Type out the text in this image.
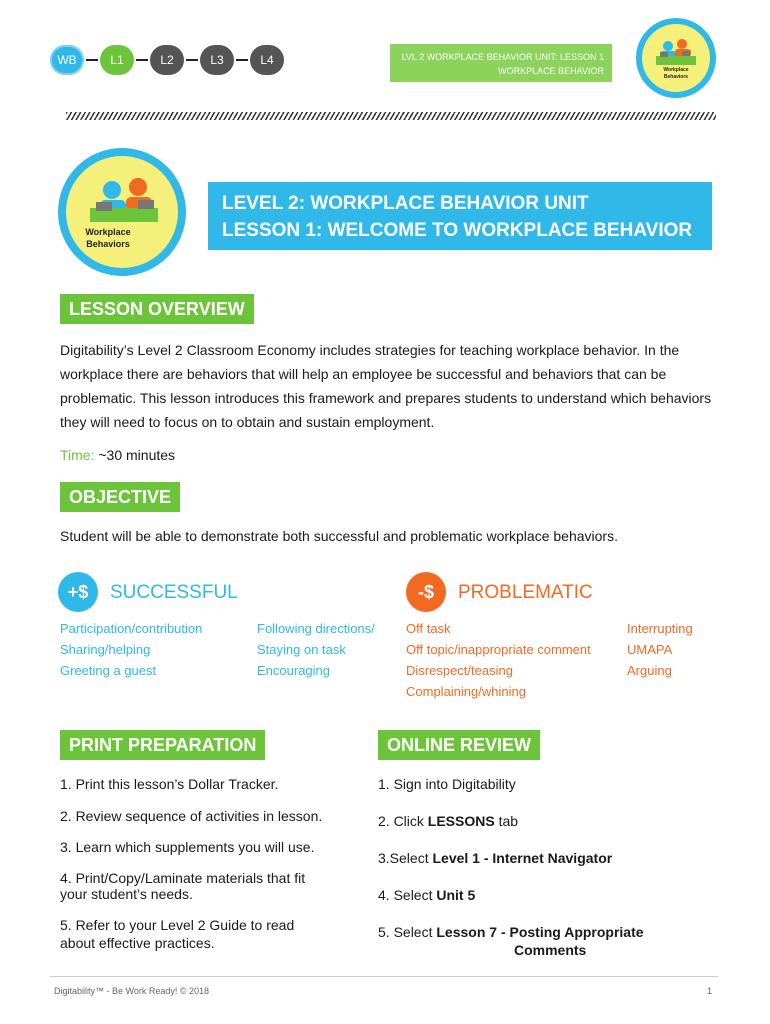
WB	L1	L2	L3	L4	LVL 2 WORKPLACE BEHAVIOR UNIT: LESSON 1
WORKPLACE BEHAVIOR	Workplace
Behaviors
Workplace
Behaviors
LEVEL 2: WORKPLACE BEHAVIOR UNIT
LESSON 1: WELCOME TO WORKPLACE BEHAVIOR
LESSON OVERVIEW
Digitability’s Level 2 Classroom Economy includes strategies for teaching workplace behavior. In the workplace there are behaviors that will help an employee be successful and behaviors that can be problematic. This lesson introduces this framework and prepares students to understand which behaviors they will need to focus on to obtain and sustain employment.
Time: ~30 minutes
OBJECTIVE
Student will be able to demonstrate both successful and problematic workplace behaviors.
+$	SUCCESSFUL
Participation/contribution
Sharing/helping
Greeting a guest
Following directions/
Staying on task
Encouraging
-$	PROBLEMATIC
Off task
Off topic/inappropriate comment
Disrespect/teasing
Complaining/whining
Interrupting
UMAPA
Arguing
PRINT PREPARATION
1. Print this lesson’s Dollar Tracker.
2. Review sequence of activities in lesson.
3. Learn which supplements you will use.
4. Print/Copy/Laminate materials that fit
your student’s needs.
5. Refer to your Level 2 Guide to read
about effective practices.
ONLINE REVIEW
1. Sign into Digitability
2. Click LESSONS tab
3.Select Level 1 - Internet Navigator
4. Select Unit 5
5. Select Lesson 7 - Posting Appropriate
Comments
Digitability™ - Be Work Ready! © 2018	1
